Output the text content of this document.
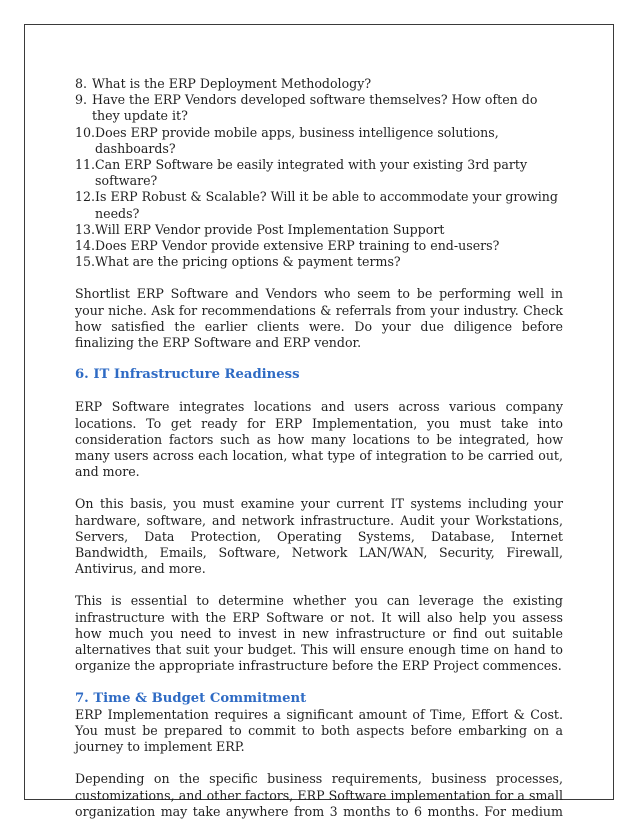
8. What is the ERP Deployment Methodology?
9. Have the ERP Vendors developed software themselves? How often do they update it?
10. Does ERP provide mobile apps, business intelligence solutions, dashboards?
11. Can ERP Software be easily integrated with your existing 3rd party software?
12. Is ERP Robust & Scalable? Will it be able to accommodate your growing needs?
13. Will ERP Vendor provide Post Implementation Support
14. Does ERP Vendor provide extensive ERP training to end-users?
15. What are the pricing options & payment terms?

Shortlist ERP Software and Vendors who seem to be performing well in your niche. Ask for recommendations & referrals from your industry. Check how satisfied the earlier clients were. Do your due diligence before finalizing the ERP Software and ERP vendor.

6. IT Infrastructure Readiness

ERP Software integrates locations and users across various company locations. To get ready for ERP Implementation, you must take into consideration factors such as how many locations to be integrated, how many users across each location, what type of integration to be carried out, and more.

On this basis, you must examine your current IT systems including your hardware, software, and network infrastructure. Audit your Workstations, Servers, Data Protection, Operating Systems, Database, Internet Bandwidth, Emails, Software, Network LAN/WAN, Security, Firewall, Antivirus, and more.

This is essential to determine whether you can leverage the existing infrastructure with the ERP Software or not. It will also help you assess how much you need to invest in new infrastructure or find out suitable alternatives that suit your budget. This will ensure enough time on hand to organize the appropriate infrastructure before the ERP Project commences.

7. Time & Budget Commitment

ERP Implementation requires a significant amount of Time, Effort & Cost. You must be prepared to commit to both aspects before embarking on a journey to implement ERP.

Depending on the specific business requirements, business processes, customizations, and other factors, ERP Software implementation for a small organization may take anywhere from 3 months to 6 months. For medium
